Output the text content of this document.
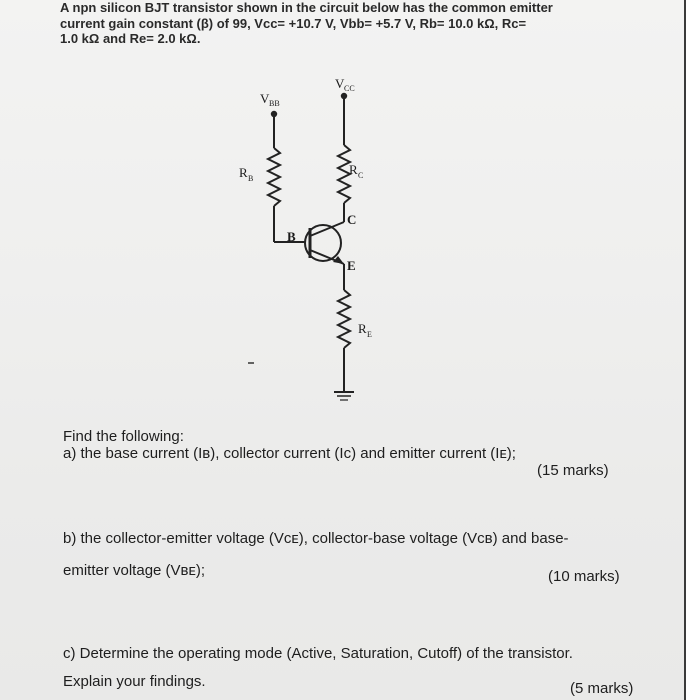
A npn silicon BJT transistor shown in the circuit below has the common emitter
current gain constant (β) of 99, Vcc= +10.7 V, Vbb= +5.7 V, Rb= 10.0 kΩ, Rc=
1.0 kΩ and Re= 2.0 kΩ.
V CC
V BB
R B
R C
R E
B
C
E
Find the following:
a) the base current (Iʙ), collector current (Iᴄ) and emitter current (Iᴇ);
(15 marks)
b) the collector-emitter voltage (Vᴄᴇ), collector-base voltage (Vᴄʙ) and base-
emitter voltage (Vʙᴇ);	(10 marks)
c) Determine the operating mode (Active, Saturation, Cutoff) of the transistor.
Explain your findings.	(5 marks)
